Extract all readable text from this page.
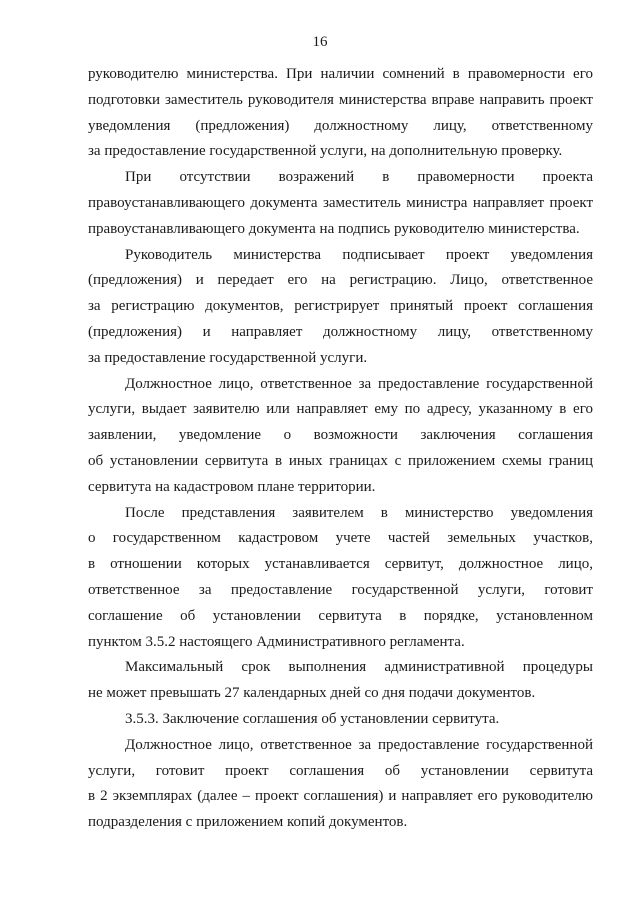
16
руководителю министерства. При наличии сомнений в правомерности его
подготовки заместитель руководителя министерства вправе направить проект
уведомления (предложения) должностному лицу, ответственному
за предоставление государственной услуги, на дополнительную проверку.
При отсутствии возражений в правомерности проекта
правоустанавливающего документа заместитель министра направляет проект
правоустанавливающего документа на подпись руководителю министерства.
Руководитель министерства подписывает проект уведомления
(предложения) и передает его на регистрацию. Лицо, ответственное
за регистрацию документов, регистрирует принятый проект соглашения
(предложения) и направляет должностному лицу, ответственному
за предоставление государственной услуги.
Должностное лицо, ответственное за предоставление государственной
услуги, выдает заявителю или направляет ему по адресу, указанному в его
заявлении, уведомление о возможности заключения соглашения
об установлении сервитута в иных границах с приложением схемы границ
сервитута на кадастровом плане территории.
После представления заявителем в министерство уведомления
о государственном кадастровом учете частей земельных участков,
в отношении которых устанавливается сервитут, должностное лицо,
ответственное за предоставление государственной услуги, готовит
соглашение об установлении сервитута в порядке, установленном
пунктом 3.5.2 настоящего Административного регламента.
Максимальный срок выполнения административной процедуры
не может превышать 27 календарных дней со дня подачи документов.
3.5.3. Заключение соглашения об установлении сервитута.
Должностное лицо, ответственное за предоставление государственной
услуги, готовит проект соглашения об установлении сервитута
в 2 экземплярах (далее – проект соглашения) и направляет его руководителю
подразделения с приложением копий документов.
